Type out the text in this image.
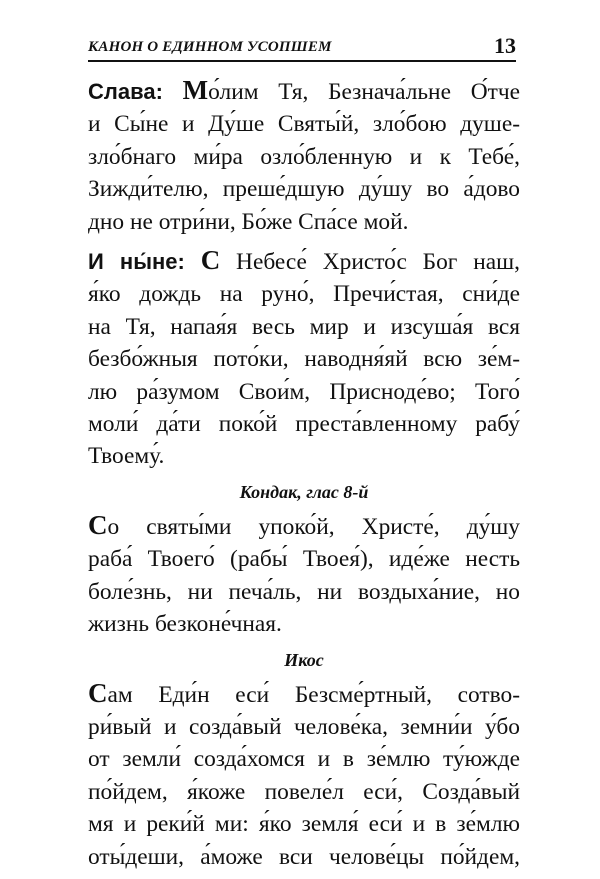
КАНОН О ЕДИННОМ УСОПШЕМ	13
Слава: Мо́лим Тя, Безнача́льне О́тче
и Сы́не и Ду́ше Святы́й, зло́бою душе-
зло́бнаго ми́ра озло́бленную и к Тебе́,
Зижди́телю, преше́дшую ду́шу во а́дово
дно не отри́ни, Бо́же Спа́се мой.
И ны́не: С Небесе́ Христо́с Бог наш,
я́ко дождь на руно́, Пречи́стая, сни́де
на Тя, напая́я весь мир и изсуша́я вся
безбо́жныя пото́ки, наводня́яй всю зе́м-
лю ра́зумом Свои́м, Присноде́во; Того́
моли́ да́ти поко́й преста́вленному рабу́
Твоему́.
Кондак, глас 8-й
Со святы́ми упоко́й, Христе́, ду́шу
раба́ Твоего́ (рабы́ Твоея́), иде́же несть
боле́знь, ни печа́ль, ни воздыха́ние, но
жизнь безконе́чная.
Икос
Сам Еди́н еси́ Безсме́ртный, сотво-
ри́вый и созда́вый челове́ка, земни́и у́бо
от земли́ созда́хомся и в зе́млю ту́южде
по́йдем, я́коже повеле́л еси́, Созда́вый
мя и реки́й ми: я́ко земля́ еси́ и в зе́млю
оты́деши, а́може вси челове́цы по́йдем,
